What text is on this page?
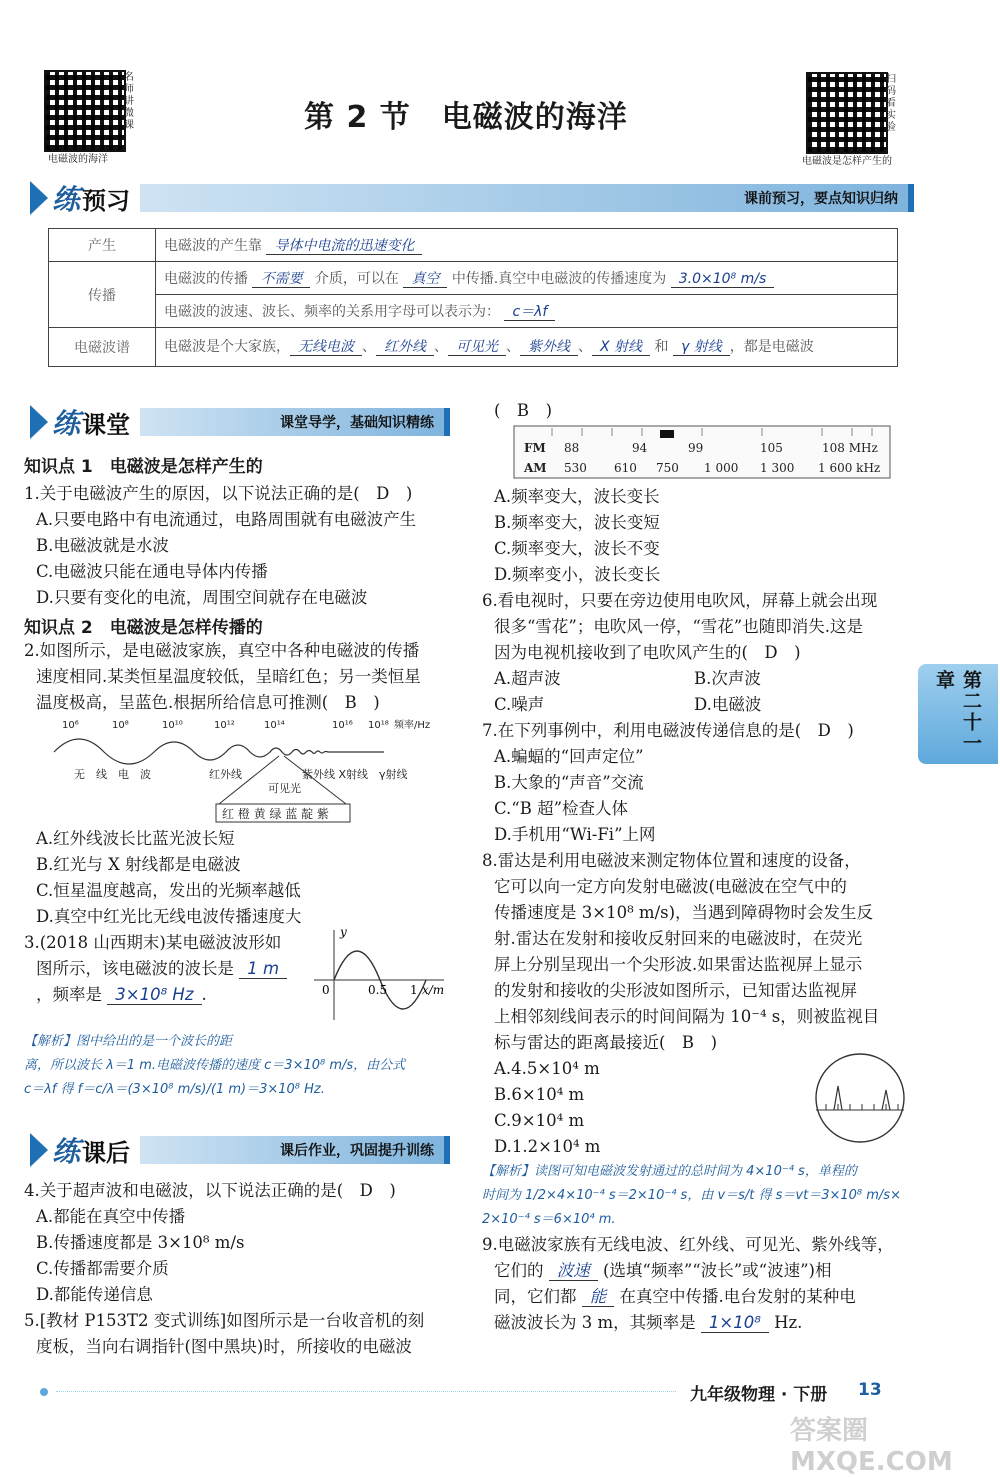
名师讲微课
电磁波的海洋
第 2 节　电磁波的海洋
扫码看实验
电磁波是怎样产生的
练 预习	课前预习，要点知识归纳
产生	电磁波的产生靠 导体中电流的迅速变化
传播	电磁波的传播 不需要 介质，可以在 真空 中传播.真空中电磁波的传播速度为 3.0×10⁸ m/s
	电磁波的波速、波长、频率的关系用字母可以表示为： c＝λf
电磁波谱	电磁波是个大家族， 无线电波 、 红外线 、 可见光 、 紫外线 、 X 射线 和 γ 射线 ，都是电磁波
练 课堂	课堂导学，基础知识精练
知识点 1　电磁波是怎样产生的
1.关于电磁波产生的原因，以下说法正确的是(　D　)
A.只要电路中有电流通过，电路周围就有电磁波产生
B.电磁波就是水波
C.电磁波只能在通电导体内传播
D.只要有变化的电流，周围空间就存在电磁波
知识点 2　电磁波是怎样传播的
2.如图所示，是电磁波家族，真空中各种电磁波的传播
速度相同.某类恒星温度较低，呈暗红色；另一类恒星
温度极高，呈蓝色.根据所给信息可推测(　B　)
10⁶	10⁸	10¹⁰	10¹²	10¹⁴	10¹⁶ 10¹⁸ 频率/Hz
无　线　电　波	红外线	紫外线 X射线　γ射线
可见光
红 橙 黄 绿 蓝 靛 紫
A.红外线波长比蓝光波长短
B.红光与 X 射线都是电磁波
C.恒星温度越高，发出的光频率越低
D.真空中红光比无线电波传播速度大
3.(2018 山西期末)某电磁波波形如
图所示，该电磁波的波长是 1 m
，频率是 3×10⁸ Hz .
y
x/m
0	0.5 1
【解析】图中给出的是一个波长的距
离，所以波长 λ＝1 m.电磁波传播的速度 c＝3×10⁸ m/s，由公式
c＝λf 得 f＝c/λ＝(3×10⁸ m/s)/(1 m)＝3×10⁸ Hz.
练 课后	课后作业，巩固提升训练
4.关于超声波和电磁波，以下说法正确的是(　D　)
A.都能在真空中传播
B.传播速度都是 3×10⁸ m/s
C.传播都需要介质
D.都能传递信息
5.[教材 P153T2 变式训练]如图所示是一台收音机的刻
度板，当向右调指针(图中黑块)时，所接收的电磁波
(　B　)
FM
AM
88	94	99	105	108 MHz
530 610 750 1 000 1 300 1 600 kHz
A.频率变大，波长变长
B.频率变大，波长变短
C.频率变大，波长不变
D.频率变小，波长变长
6.看电视时，只要在旁边使用电吹风，屏幕上就会出现
很多“雪花”；电吹风一停，“雪花”也随即消失.这是
因为电视机接收到了电吹风产生的(　D　)
A.超声波	B.次声波
C.噪声	D.电磁波
7.在下列事例中，利用电磁波传递信息的是(　D　)
A.蝙蝠的“回声定位”
B.大象的“声音”交流
C.“B 超”检查人体
D.手机用“Wi-Fi”上网
8.雷达是利用电磁波来测定物体位置和速度的设备，
它可以向一定方向发射电磁波(电磁波在空气中的
传播速度是 3×10⁸ m/s)，当遇到障碍物时会发生反
射.雷达在发射和接收反射回来的电磁波时，在荧光
屏上分别呈现出一个尖形波.如果雷达监视屏上显示
的发射和接收的尖形波如图所示，已知雷达监视屏
上相邻刻线间表示的时间间隔为 10⁻⁴ s，则被监视目
标与雷达的距离最接近(　B　)
A.4.5×10⁴ m
B.6×10⁴ m
C.9×10⁴ m
D.1.2×10⁴ m
【解析】读图可知电磁波发射通过的总时间为 4×10⁻⁴ s，单程的
时间为 1/2×4×10⁻⁴ s＝2×10⁻⁴ s，由 v＝s/t 得 s＝vt＝3×10⁸ m/s×
2×10⁻⁴ s＝6×10⁴ m.
9.电磁波家族有无线电波、红外线、可见光、紫外线等，
它们的 波速 (选填“频率”“波长”或“波速”)相
同，它们都 能 在真空中传播.电台发射的某种电
磁波波长为 3 m，其频率是 1×10⁸ Hz.
第二十一章
九年级物理 · 下册 13
答案圈 MXQE.COM
